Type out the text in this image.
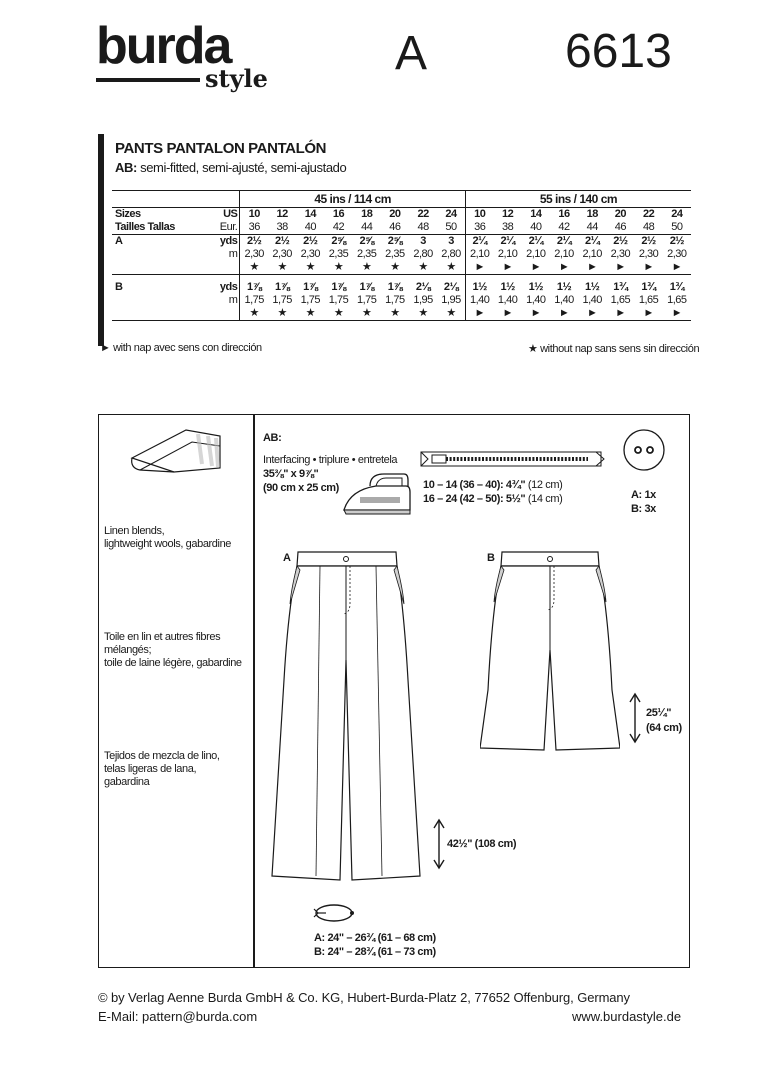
burda
style	A	6613
PANTS PANTALON PANTALÓN
AB: semi-fitted, semi-ajusté, semi-ajustado
		45 ins / 114 cm								55 ins / 140 cm							
Sizes	US	10	12	14	16	18	20	22	24	10	12	14	16	18	20	22	24
Tailles Tallas	Eur.	36	38	40	42	44	46	48	50	36	38	40	42	44	46	48	50
A	yds	2½	2½	2½	2⅝	2⅝	2⅝	3	3	2¼	2¼	2¼	2¼	2¼	2½	2½	2½
	m	2,30	2,30	2,30	2,35	2,35	2,35	2,80	2,80	2,10	2,10	2,10	2,10	2,10	2,30	2,30	2,30
		★	★	★	★	★	★	★	★	►	►	►	►	►	►	►	►

B	yds	1⅞	1⅞	1⅞	1⅞	1⅞	1⅞	2⅛	2⅛	1½	1½	1½	1½	1½	1¾	1¾	1¾
	m	1,75	1,75	1,75	1,75	1,75	1,75	1,95	1,95	1,40	1,40	1,40	1,40	1,40	1,65	1,65	1,65
		★	★	★	★	★	★	★	★	►	►	►	►	►	►	►	►
► with nap avec sens con dirección	★ without nap sans sens sin dirección
Linen blends,
lightweight wools, gabardine
Toile en lin et autres fibres
mélangés;
toile de laine légère, gabardine
Tejidos de mezcla de lino,
telas ligeras de lana,
gabardina
AB:
Interfacing • triplure • entretela
35⅜" x 9⅞"
(90 cm x 25 cm)	10 – 14 (36 – 40): 4¾" (12 cm)
16 – 24 (42 – 50): 5½" (14 cm)	A: 1x
B: 3x
A	B
42½" (108 cm)
25¼"
(64 cm)
A: 24" – 26¾ (61 – 68 cm)
B: 24" – 28¾ (61 – 73 cm)
© by Verlag Aenne Burda GmbH & Co. KG, Hubert-Burda-Platz 2, 77652 Offenburg, Germany
E-Mail: pattern@burda.com	www.burdastyle.de
